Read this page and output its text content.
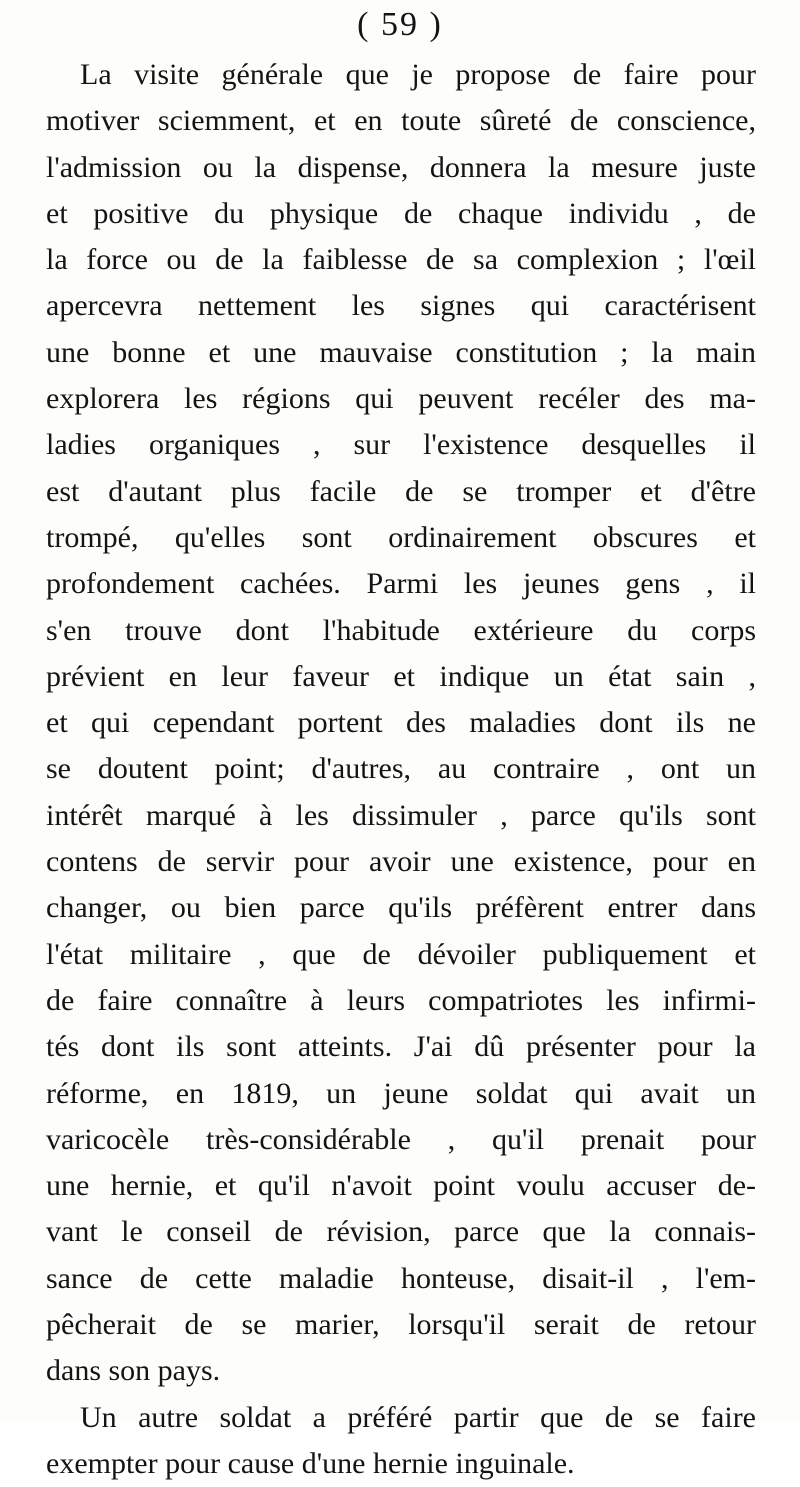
( 59 )
La visite générale que je propose de faire pour
motiver sciemment, et en toute sûreté de conscience,
l'admission ou la dispense, donnera la mesure juste
et positive du physique de chaque individu , de
la force ou de la faiblesse de sa complexion ; l'œil
apercevra nettement les signes qui caractérisent
une bonne et une mauvaise constitution ; la main
explorera les régions qui peuvent recéler des ma-
ladies organiques , sur l'existence desquelles il
est d'autant plus facile de se tromper et d'être
trompé, qu'elles sont ordinairement obscures et
profondement cachées. Parmi les jeunes gens , il
s'en trouve dont l'habitude extérieure du corps
prévient en leur faveur et indique un état sain ,
et qui cependant portent des maladies dont ils ne
se doutent point; d'autres, au contraire , ont un
intérêt marqué à les dissimuler , parce qu'ils sont
contens de servir pour avoir une existence, pour en
changer, ou bien parce qu'ils préfèrent entrer dans
l'état militaire , que de dévoiler publiquement et
de faire connaître à leurs compatriotes les infirmi-
tés dont ils sont atteints. J'ai dû présenter pour la
réforme, en 1819, un jeune soldat qui avait un
varicocèle très-considérable , qu'il prenait pour
une hernie, et qu'il n'avoit point voulu accuser de-
vant le conseil de révision, parce que la connais-
sance de cette maladie honteuse, disait-il , l'em-
pêcherait de se marier, lorsqu'il serait de retour
dans son pays.
Un autre soldat a préféré partir que de se faire
exempter pour cause d'une hernie inguinale.
